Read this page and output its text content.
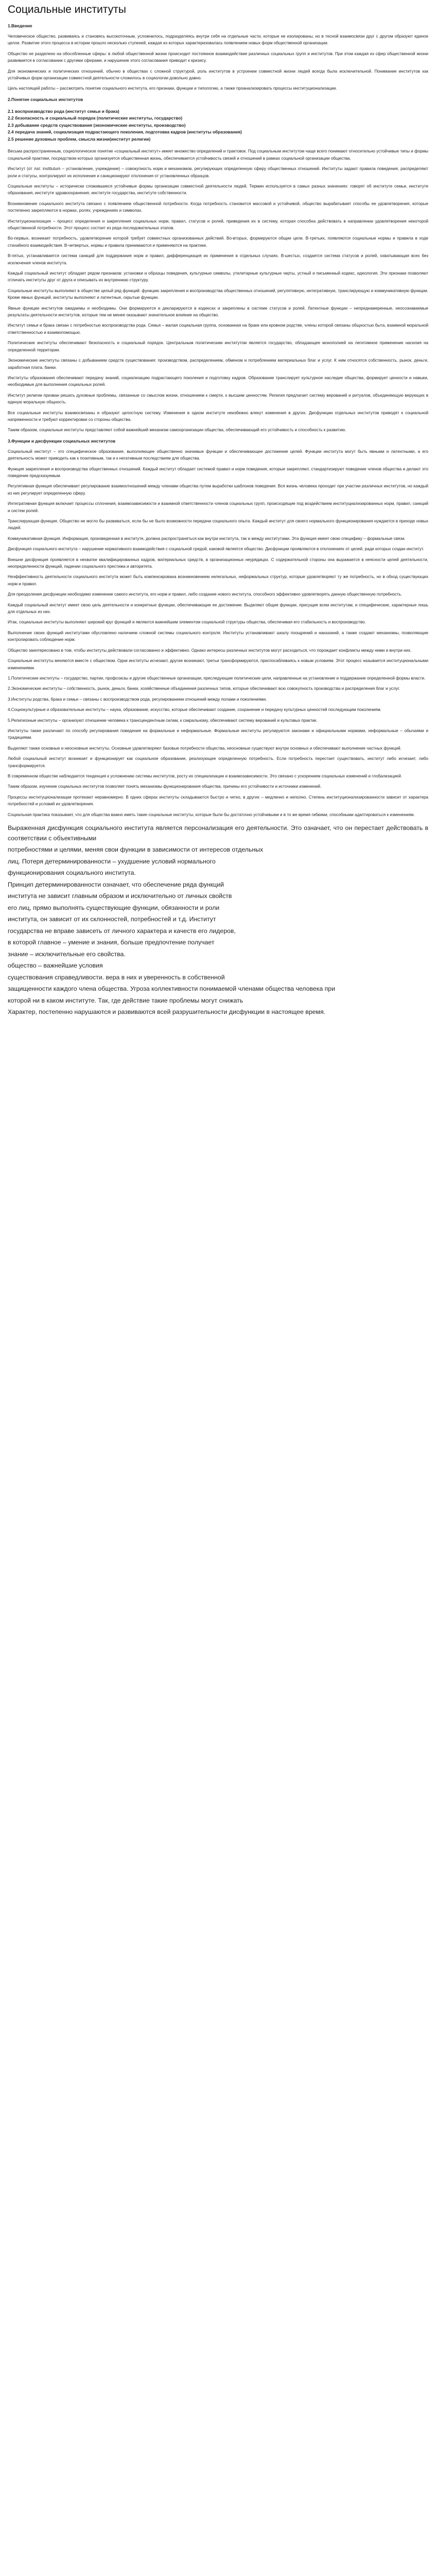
Социальные институты
1.Введение

Человеческое общество, развиваясь и становясь высокоточным, усложнилось, подразделяясь внутри себя на отдельные части, которые не изолированы, но в тесной взаимосвязи друг с другом образуют единое целое. Развитие этого процесса в истории прошло несколько ступеней, каждая из которых характеризовалась появлением новых форм общественной организации.

Общество не разделено на обособленные сферы: в любой общественной жизни происходит постоянное взаимодействие различных социальных групп и институтов. При этом каждая из сфер общественной жизни развивается в согласовании с другими сферами, и нарушение этого согласования приводит к кризису.

Для экономических и политических отношений, обычно в обществах с сложной структурой, роль институтов в устроении совместной жизни людей всегда была исключительной. Понимание институтов как устойчивых форм организации совместной деятельности сложилось в социологии довольно давно.

Цель настоящей работы – рассмотреть понятие социального института, его признаки, функции и типологию, а также проанализировать процессы институционализации.

2.Понятие социальных институтов
2.1 воспроизводство рода (институт семьи и брака)
2.2 безопасность и социальный порядок (политические институты, государство)
2.3 добывание средств существования (экономические институты, производство)
2.4 передача знаний, социализация подрастающего поколения, подготовка кадров (институты образования)
2.5 решение духовных проблем, смысла жизни(институт религии)

Весьма распространенным, социологическое понятие «социальный институт» имеет множество определений и трактовок. Под социальным институтом чаще всего понимают относительно устойчивые типы и формы социальной практики, посредством которых организуется общественная жизнь, обеспечивается устойчивость связей и отношений в рамках социальной организации общества.

Институт (от лат. institutum – установление, учреждение) – совокупность норм и механизмов, регулирующих определенную сферу общественных отношений. Институты задают правила поведения, распределяют роли и статусы, контролируют их исполнение и санкционируют отклонения от установленных образцов.

Социальные институты – исторически сложившиеся устойчивые формы организации совместной деятельности людей. Термин используется в самых разных значениях: говорят об институте семьи, институте образования, институте здравоохранения, институте государства, институте собственности.

Возникновение социального института связано с появлением общественной потребности. Когда потребность становится массовой и устойчивой, общество вырабатывает способы ее удовлетворения, которые постепенно закрепляются в нормах, ролях, учреждениях и символах.

Институционализация – процесс определения и закрепления социальных норм, правил, статусов и ролей, приведения их в систему, которая способна действовать в направлении удовлетворения некоторой общественной потребности. Этот процесс состоит из ряда последовательных этапов.

Во-первых, возникает потребность, удовлетворение которой требует совместных организованных действий. Во-вторых, формируются общие цели. В-третьих, появляются социальные нормы и правила в ходе стихийного взаимодействия. В-четвертых, нормы и правила принимаются и применяются на практике.

В-пятых, устанавливается система санкций для поддержания норм и правил, дифференциация их применения в отдельных случаях. В-шестых, создается система статусов и ролей, охватывающая всех без исключения членов института.

Каждый социальный институт обладает рядом признаков: установки и образцы поведения, культурные символы, утилитарные культурные черты, устный и письменный кодекс, идеология. Эти признаки позволяют отличать институты друг от друга и описывать их внутреннюю структуру.

Социальные институты выполняют в обществе целый ряд функций: функцию закрепления и воспроизводства общественных отношений, регулятивную, интегративную, транслирующую и коммуникативную функции. Кроме явных функций, институты выполняют и латентные, скрытые функции.

Явные функции институтов ожидаемы и необходимы. Они формируются и декларируются в кодексах и закреплены в системе статусов и ролей. Латентные функции – непреднамеренные, неосознаваемые результаты деятельности институтов, которые тем не менее оказывают значительное влияние на общество.

Институт семьи и брака связан с потребностью воспроизводства рода. Семья – малая социальная группа, основанная на браке или кровном родстве, члены которой связаны общностью быта, взаимной моральной ответственностью и взаимопомощью.

Политические институты обеспечивают безопасность и социальный порядок. Центральным политическим институтом является государство, обладающее монополией на легитимное применение насилия на определенной территории.

Экономические институты связаны с добыванием средств существования: производством, распределением, обменом и потреблением материальных благ и услуг. К ним относятся собственность, рынок, деньги, заработная плата, банки.

Институты образования обеспечивают передачу знаний, социализацию подрастающего поколения и подготовку кадров. Образование транслирует культурное наследие общества, формирует ценности и навыки, необходимые для выполнения социальных ролей.

Институт религии призван решать духовные проблемы, связанные со смыслом жизни, отношением к смерти, к высшим ценностям. Религия предлагает систему верований и ритуалов, объединяющую верующих в единую моральную общность.

Все социальные институты взаимосвязаны и образуют целостную систему. Изменения в одном институте неизбежно влекут изменения в других. Дисфункции отдельных институтов приводят к социальной напряженности и требуют корректировки со стороны общества.

Таким образом, социальные институты представляют собой важнейший механизм самоорганизации общества, обеспечивающий его устойчивость и способность к развитию.

3.Функции и дисфункции социальных институтов

Социальный институт – это специфическое образование, выполняющее общественно значимые функции и обеспечивающее достижение целей. Функции института могут быть явными и латентными, а его деятельность может приводить как к позитивным, так и к негативным последствиям для общества.

Функция закрепления и воспроизводства общественных отношений. Каждый институт обладает системой правил и норм поведения, которые закрепляют, стандартизируют поведение членов общества и делают это поведение предсказуемым.

Регулятивная функция обеспечивает регулирование взаимоотношений между членами общества путем выработки шаблонов поведения. Вся жизнь человека проходит при участии различных институтов, но каждый из них регулирует определенную сферу.

Интегративная функция включает процессы сплочения, взаимозависимости и взаимной ответственности членов социальных групп, происходящие под воздействием институциализированных норм, правил, санкций и систем ролей.

Транслирующая функция. Общество не могло бы развиваться, если бы не было возможности передачи социального опыта. Каждый институт для своего нормального функционирования нуждается в приходе новых людей.

Коммуникативная функция. Информация, произведенная в институте, должна распространяться как внутри института, так и между институтами. Эта функция имеет свою специфику – формальные связи.

Дисфункция социального института – нарушение нормативного взаимодействия с социальной средой, каковой является общество. Дисфункции проявляются в отклонениях от целей, ради которых создан институт.

Внешне дисфункция проявляется в нехватке квалифицированных кадров, материальных средств, в организационных неурядицах. С содержательной стороны она выражается в неясности целей деятельности, неопределенности функций, падении социального престижа и авторитета.

Неэффективность деятельности социального института может быть компенсирована возникновением нелегальных, неформальных структур, которые удовлетворяют ту же потребность, но в обход существующих норм и правил.

Для преодоления дисфункции необходимо изменение самого института, его норм и правил, либо создание нового института, способного эффективно удовлетворять данную общественную потребность.

Каждый социальный институт имеет свою цель деятельности и конкретные функции, обеспечивающие ее достижение. Выделяют общие функции, присущие всем институтам, и специфические, характерные лишь для отдельных из них.

Итак, социальные институты выполняют широкий круг функций и являются важнейшим элементом социальной структуры общества, обеспечивая его стабильность и воспроизводство.

Выполнение своих функций институтами обусловлено наличием сложной системы социального контроля. Институты устанавливают шкалу поощрений и наказаний, а также создают механизмы, позволяющие контролировать соблюдение норм.

Общество заинтересовано в том, чтобы институты действовали согласованно и эффективно. Однако интересы различных институтов могут расходиться, что порождает конфликты между ними и внутри них.

Социальные институты меняются вместе с обществом. Одни институты исчезают, другие возникают, третьи трансформируются, приспосабливаясь к новым условиям. Этот процесс называется институциональными изменениями.

1.Политические институты – государство, партии, профсоюзы и другие общественные организации, преследующие политические цели, направленные на установление и поддержание определенной формы власти.

2.Экономические институты – собственность, рынок, деньги, банки, хозяйственные объединения различных типов, которые обеспечивают всю совокупность производства и распределения благ и услуг.

3.Институты родства, брака и семьи – связаны с воспроизводством рода, регулированием отношений между полами и поколениями.

4.Социокультурные и образовательные институты – наука, образование, искусство, которые обеспечивают создание, сохранение и передачу культурных ценностей последующим поколениям.

5.Религиозные институты – организуют отношение человека к трансцендентным силам, к сакральному, обеспечивают систему верований и культовых практик.

Институты также различают по способу регулирования поведения на формальные и неформальные. Формальные институты регулируются законами и официальными нормами, неформальные – обычаями и традициями.

Выделяют также основные и неосновные институты. Основные удовлетворяют базовые потребности общества, неосновные существуют внутри основных и обеспечивают выполнение частных функций.

Любой социальный институт возникает и функционирует как социальное образование, реализующее определенную потребность. Если потребность перестает существовать, институт либо исчезает, либо трансформируется.

В современном обществе наблюдается тенденция к усложнению системы институтов, росту их специализации и взаимозависимости. Это связано с ускорением социальных изменений и глобализацией.

Таким образом, изучение социальных институтов позволяет понять механизмы функционирования общества, причины его устойчивости и источники изменений.

Процессы институционализации протекают неравномерно. В одних сферах институты складываются быстро и четко, в других – медленно и неполно. Степень институционализированности зависит от характера потребностей и условий их удовлетворения.

Социальная практика показывает, что для общества важно иметь такие социальные институты, которые были бы достаточно устойчивыми и в то же время гибкими, способными адаптироваться к изменениям.

Выраженная дисфункция социального института является персонализация его деятельности. Это означает, что он перестает действовать в соответствии с объективными

потребностями и целями, меняя свои функции в зависимости от интересов отдельных

лиц. Потеря детерминированности – ухудшение условий нормального

функционирования социального института.

Принцип детерминированности означает, что обеспечение ряда функций

института не зависит главным образом и исключительно от личных свойств

его лиц, прямо выполнять существующие функции, обязанности и роли

института, он зависит от их склонностей, потребностей и т.д. Институт

государства не вправе зависеть от личного характера и качеств его лидеров,

в которой главное – умение и знания, больше предпочтение получает

знание – исключительные его свойства.

общество – важнейшие условия

существования справедливости. вера в них и уверенность в собственной

защищенности каждого члена общества. Угроза коллективности понимаемой членами общества человека при

которой ни в каком институте. Так, где действие такие проблемы могут снижать

Характер, постепенно нарушаются и развиваются всей разрушительности дисфункции в настоящее время.
